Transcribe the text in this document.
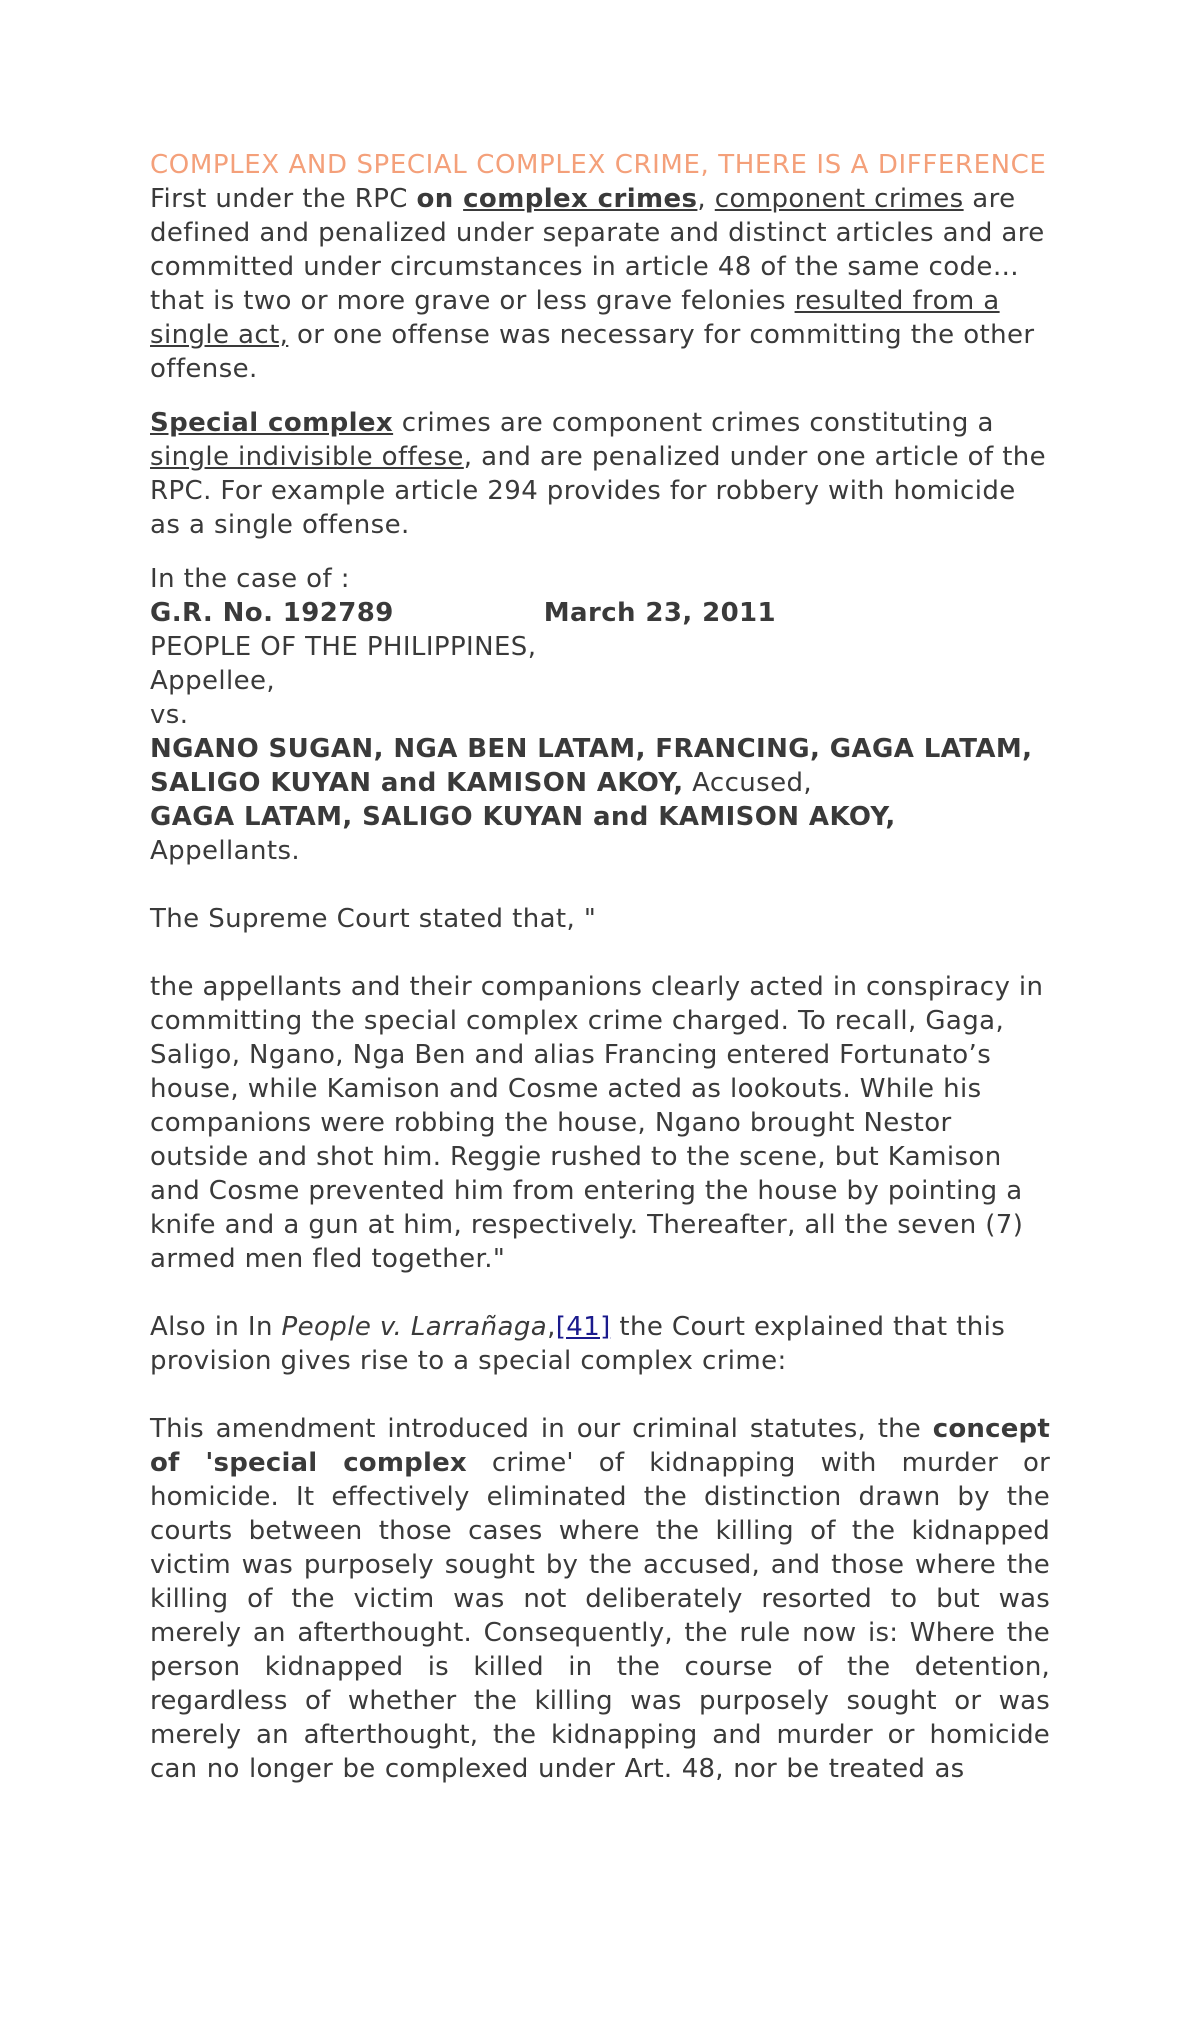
COMPLEX AND SPECIAL COMPLEX CRIME, THERE IS A DIFFERENCE

First under the RPC on complex crimes, component crimes are defined and penalized under separate and distinct articles and are committed under circumstances in article 48 of the same code…that is two or more grave or less grave felonies resulted from a single act, or one offense was necessary for committing the other offense.

Special complex crimes are component crimes constituting a single indivisible offese, and are penalized under one article of the RPC. For example article 294 provides for robbery with homicide as a single offense.

In the case of :

G.R. No. 192789	March 23, 2011

PEOPLE OF THE PHILIPPINES,

Appellee,

vs.

NGANO SUGAN, NGA BEN LATAM, FRANCING, GAGA LATAM, SALIGO KUYAN and KAMISON AKOY, Accused,

GAGA LATAM, SALIGO KUYAN and KAMISON AKOY, Appellants.

The Supreme Court stated that, "

the appellants and their companions clearly acted in conspiracy in committing the special complex crime charged. To recall, Gaga, Saligo, Ngano, Nga Ben and alias Francing entered Fortunato’s house, while Kamison and Cosme acted as lookouts. While his companions were robbing the house, Ngano brought Nestor outside and shot him. Reggie rushed to the scene, but Kamison and Cosme prevented him from entering the house by pointing a knife and a gun at him, respectively. Thereafter, all the seven (7) armed men fled together."

Also in In People v. Larrañaga,[41] the Court explained that this provision gives rise to a special complex crime:

This amendment introduced in our criminal statutes, the concept of 'special complex crime' of kidnapping with murder or homicide. It effectively eliminated the distinction drawn by the courts between those cases where the killing of the kidnapped victim was purposely sought by the accused, and those where the killing of the victim was not deliberately resorted to but was merely an afterthought. Consequently, the rule now is: Where the person kidnapped is killed in the course of the detention, regardless of whether the killing was purposely sought or was merely an afterthought, the kidnapping and murder or homicide can no longer be complexed under Art. 48, nor be treated as
